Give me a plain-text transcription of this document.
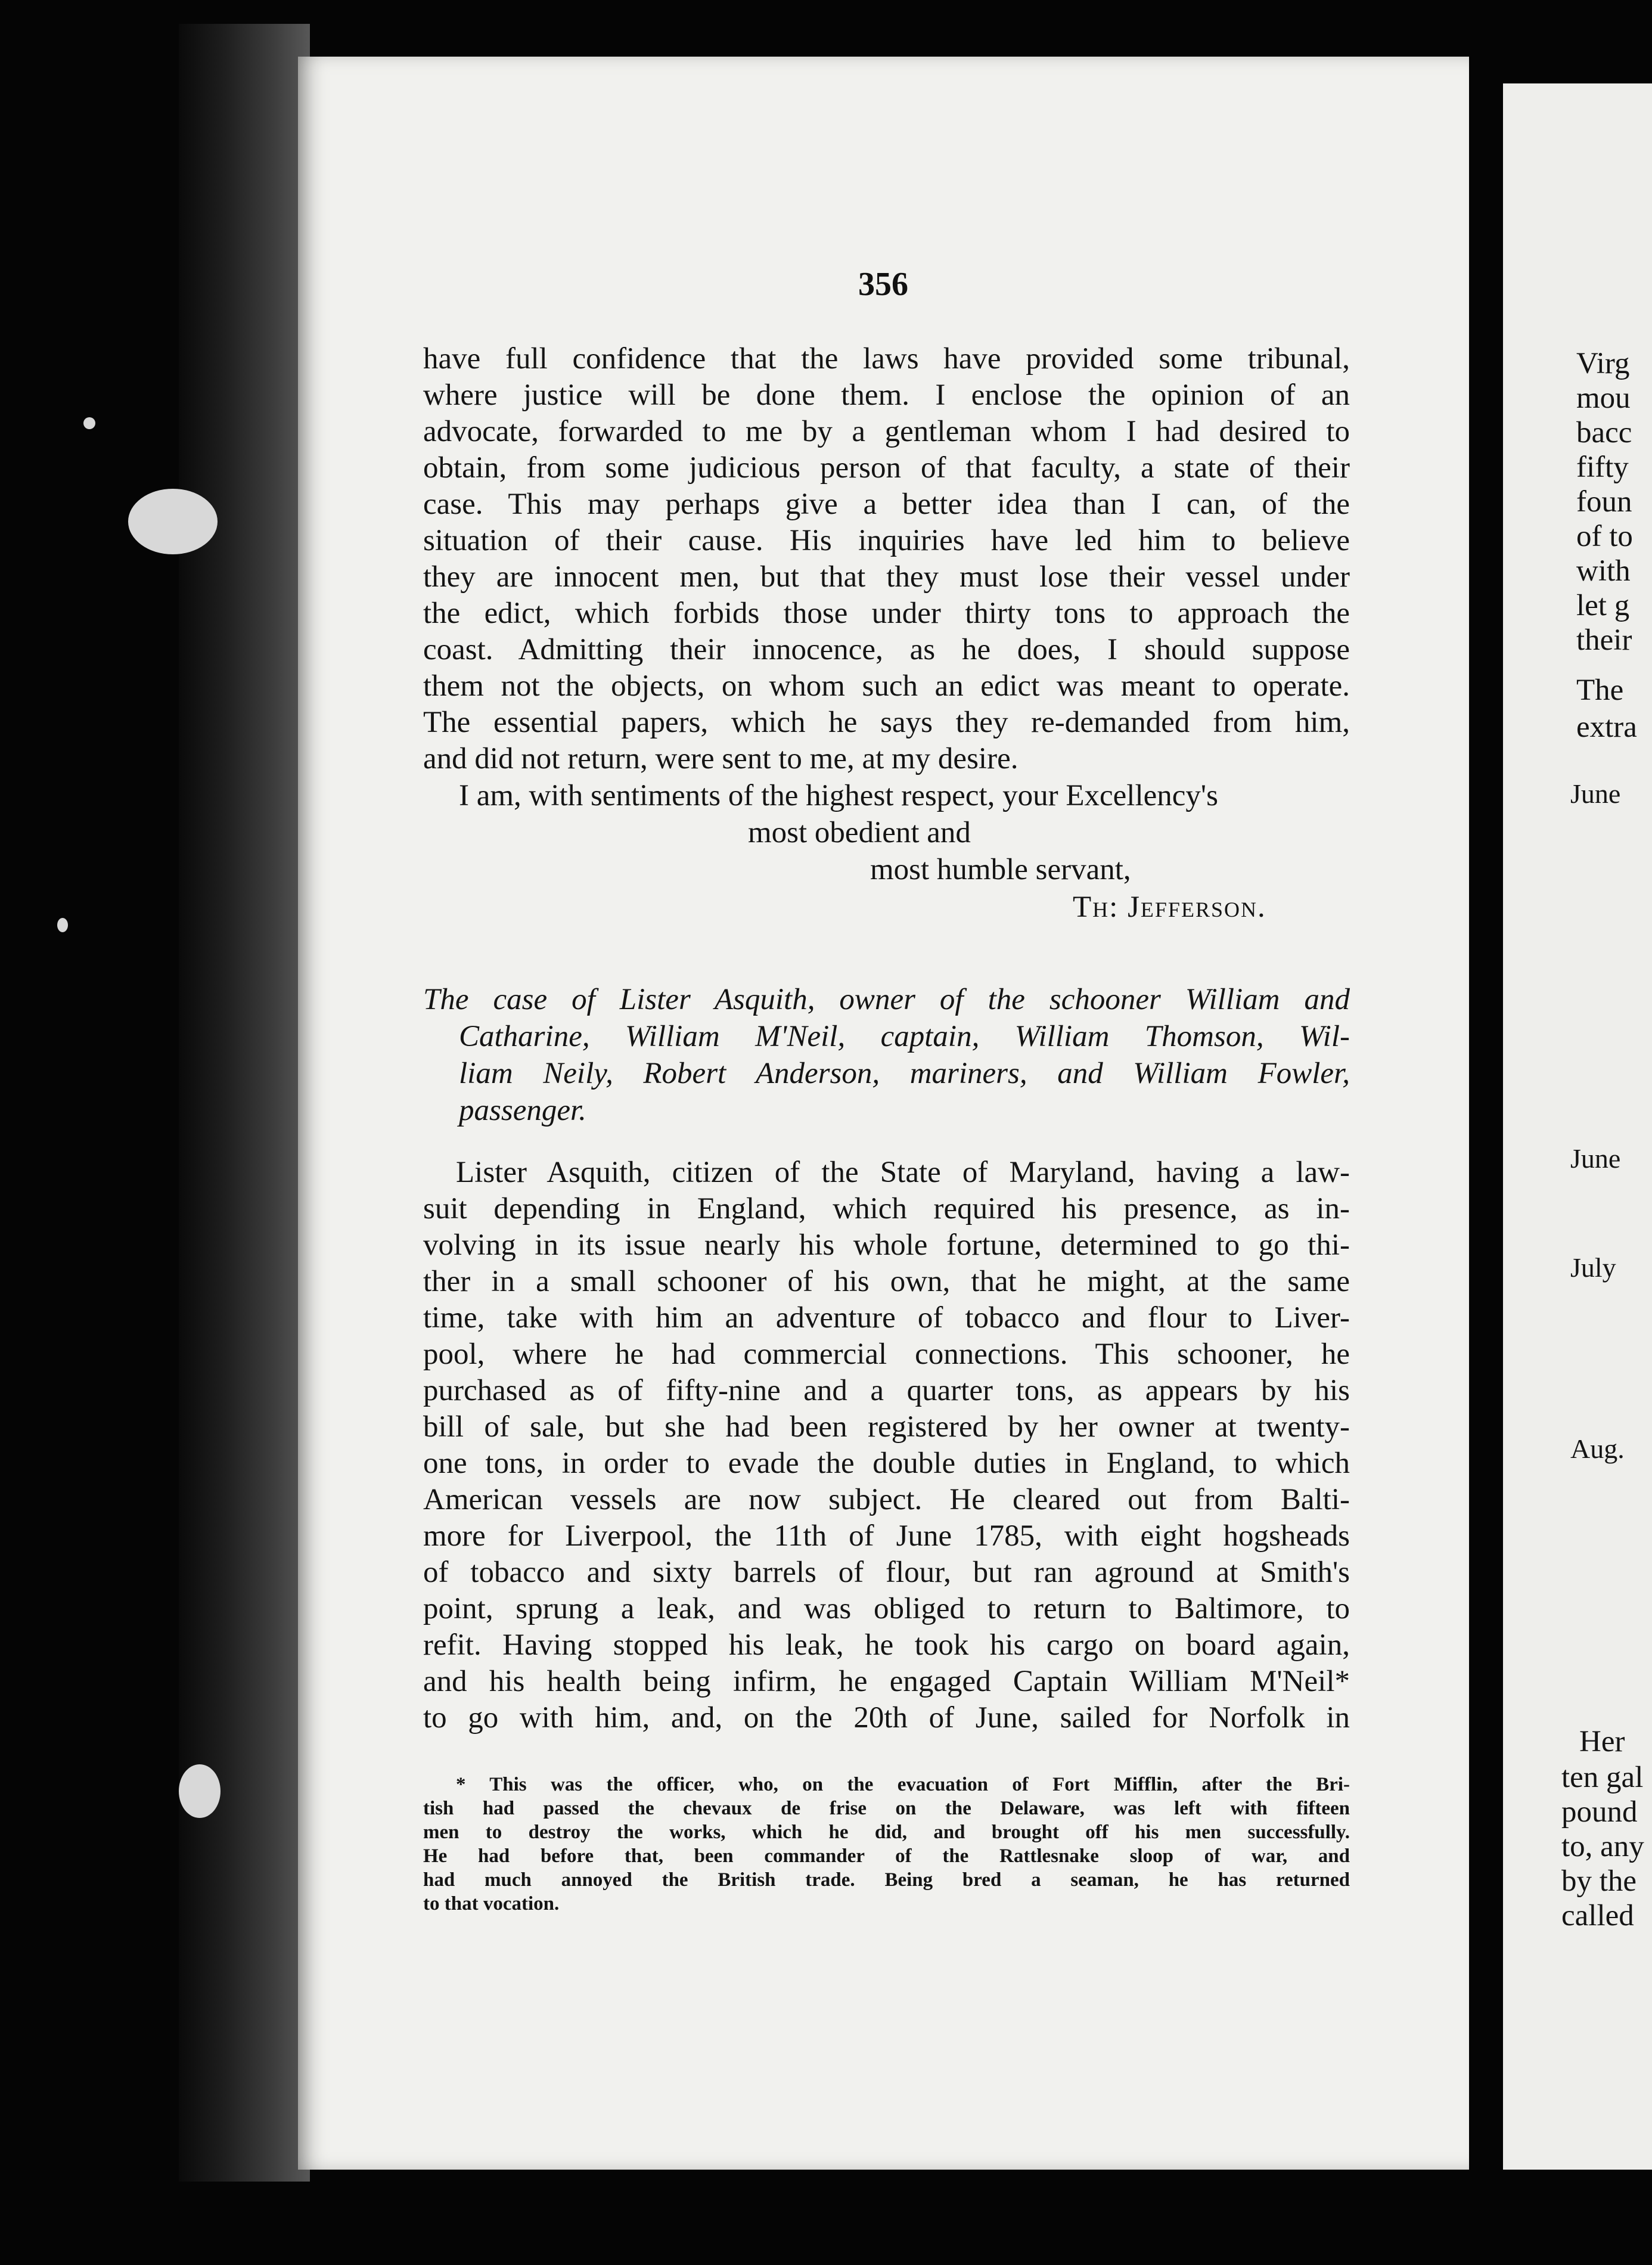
356
have full confidence that the laws have provided some tribunal,
where justice will be done them. I enclose the opinion of an
advocate, forwarded to me by a gentleman whom I had desired to
obtain, from some judicious person of that faculty, a state of their
case. This may perhaps give a better idea than I can, of the
situation of their cause. His inquiries have led him to believe
they are innocent men, but that they must lose their vessel under
the edict, which forbids those under thirty tons to approach the
coast. Admitting their innocence, as he does, I should suppose
them not the objects, on whom such an edict was meant to operate.
The essential papers, which he says they re-demanded from him,
and did not return, were sent to me, at my desire.
I am, with sentiments of the highest respect, your Excellency's
most obedient and
most humble servant,
Th: Jefferson.
The case of Lister Asquith, owner of the schooner William and
Catharine, William M'Neil, captain, William Thomson, Wil-
liam Neily, Robert Anderson, mariners, and William Fowler,
passenger.
Lister Asquith, citizen of the State of Maryland, having a law-
suit depending in England, which required his presence, as in-
volving in its issue nearly his whole fortune, determined to go thi-
ther in a small schooner of his own, that he might, at the same
time, take with him an adventure of tobacco and flour to Liver-
pool, where he had commercial connections. This schooner, he
purchased as of fifty-nine and a quarter tons, as appears by his
bill of sale, but she had been registered by her owner at twenty-
one tons, in order to evade the double duties in England, to which
American vessels are now subject. He cleared out from Balti-
more for Liverpool, the 11th of June 1785, with eight hogsheads
of tobacco and sixty barrels of flour, but ran aground at Smith's
point, sprung a leak, and was obliged to return to Baltimore, to
refit. Having stopped his leak, he took his cargo on board again,
and his health being infirm, he engaged Captain William M'Neil*
to go with him, and, on the 20th of June, sailed for Norfolk in
* This was the officer, who, on the evacuation of Fort Mifflin, after the Bri-
tish had passed the chevaux de frise on the Delaware, was left with fifteen
men to destroy the works, which he did, and brought off his men successfully.
He had before that, been commander of the Rattlesnake sloop of war, and
had much annoyed the British trade. Being bred a seaman, he has returned
to that vocation.
Virg
mou
bacc
fifty
foun
of to
with
let g
their
The
extra
June
June
July
Aug.
Her
ten gal
pound
to, any
by the
called
